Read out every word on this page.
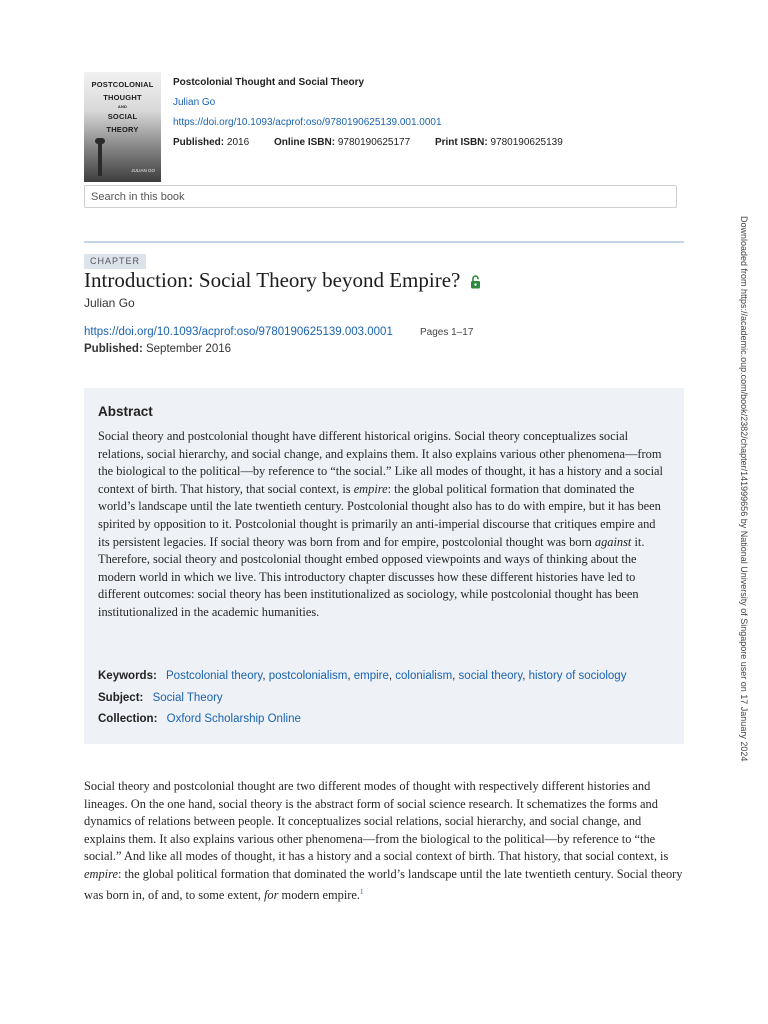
POSTCOLONIAL
THOUGHT

AND
SOCIAL
THEORY
JULIAN GO
Postcolonial Thought and Social Theory
Julian Go
https://doi.org/10.1093/acprof:oso/9780190625139.001.0001
Published: 2016 Online ISBN: 9780190625177 Print ISBN: 9780190625139
Search in this book
CHAPTER
Introduction: Social Theory beyond Empire?
Julian Go
https://doi.org/10.1093/acprof:oso/9780190625139.003.0001	Pages 1–17
Published: September 2016
Abstract

Social theory and postcolonial thought have different historical origins. Social theory conceptualizes social relations, social hierarchy, and social change, and explains them. It also explains various other phenomena—from the biological to the political—by reference to “the social.” Like all modes of thought, it has a history and a social context of birth. That history, that social context, is empire: the global political formation that dominated the world’s landscape until the late twentieth century. Postcolonial thought also has to do with empire, but it has been spirited by opposition to it. Postcolonial thought is primarily an anti-imperial discourse that critiques empire and its persistent legacies. If social theory was born from and for empire, postcolonial thought was born against it. Therefore, social theory and postcolonial thought embed opposed viewpoints and ways of thinking about the modern world in which we live. This introductory chapter discusses how these different histories have led to different outcomes: social theory has been institutionalized as sociology, while postcolonial thought has been institutionalized in the academic humanities.

Keywords: Postcolonial theory, postcolonialism, empire, colonialism, social theory, history of sociology
Subject: Social Theory
Collection: Oxford Scholarship Online

Social theory and postcolonial thought are two different modes of thought with respectively different histories and lineages. On the one hand, social theory is the abstract form of social science research. It schematizes the forms and dynamics of relations between people. It conceptualizes social relations, social hierarchy, and social change, and explains them. It also explains various other phenomena—from the biological to the political—by reference to “the social.” And like all modes of thought, it has a history and a social context of birth. That history, that social context, is empire: the global political formation that dominated the world’s landscape until the late twentieth century. Social theory was born in, of and, to some extent, for modern empire.$^1$

Downloaded from https://academic.oup.com/book/2382/chapter/141999656 by National University of Singapore user on 17 January 2024
